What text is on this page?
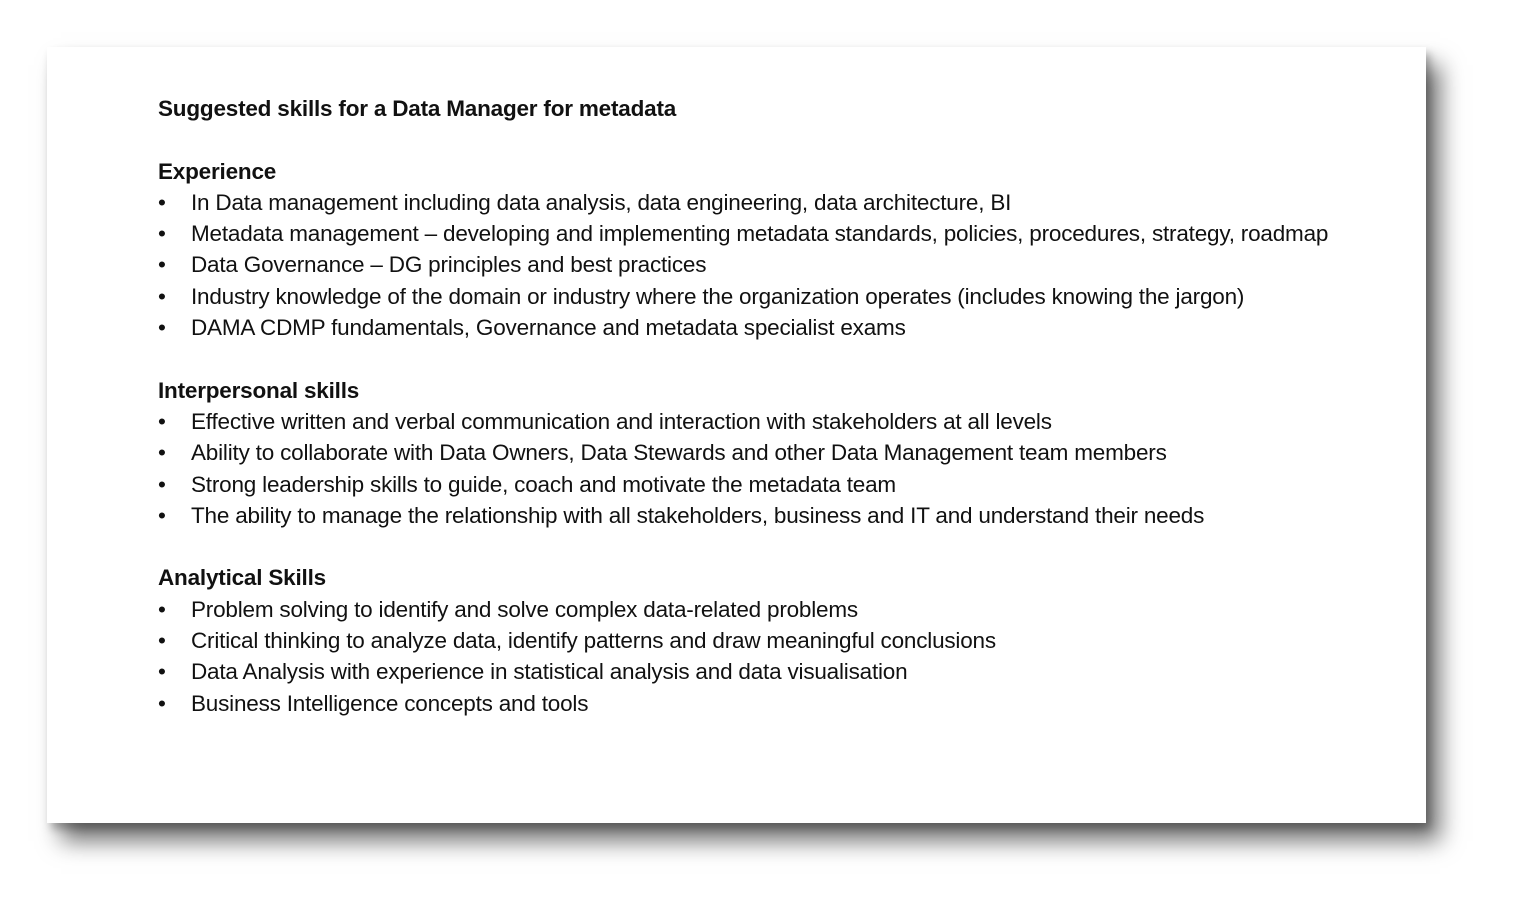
Suggested skills for a Data Manager for metadata
Experience
•	In Data management including data analysis, data engineering, data architecture, BI
•	Metadata management – developing and implementing metadata standards, policies, procedures, strategy, roadmap
•	Data Governance – DG principles and best practices
•	Industry knowledge of the domain or industry where the organization operates (includes knowing the jargon)
•	DAMA CDMP fundamentals, Governance and metadata specialist exams
Interpersonal skills
•	Effective written and verbal communication and interaction with stakeholders at all levels
•	Ability to collaborate with Data Owners, Data Stewards and other Data Management team members
•	Strong leadership skills to guide, coach and motivate the metadata team
•	The ability to manage the relationship with all stakeholders, business and IT and understand their needs
Analytical Skills
•	Problem solving to identify and solve complex data-related problems
•	Critical thinking to analyze data, identify patterns and draw meaningful conclusions
•	Data Analysis with experience in statistical analysis and data visualisation
•	Business Intelligence concepts and tools
